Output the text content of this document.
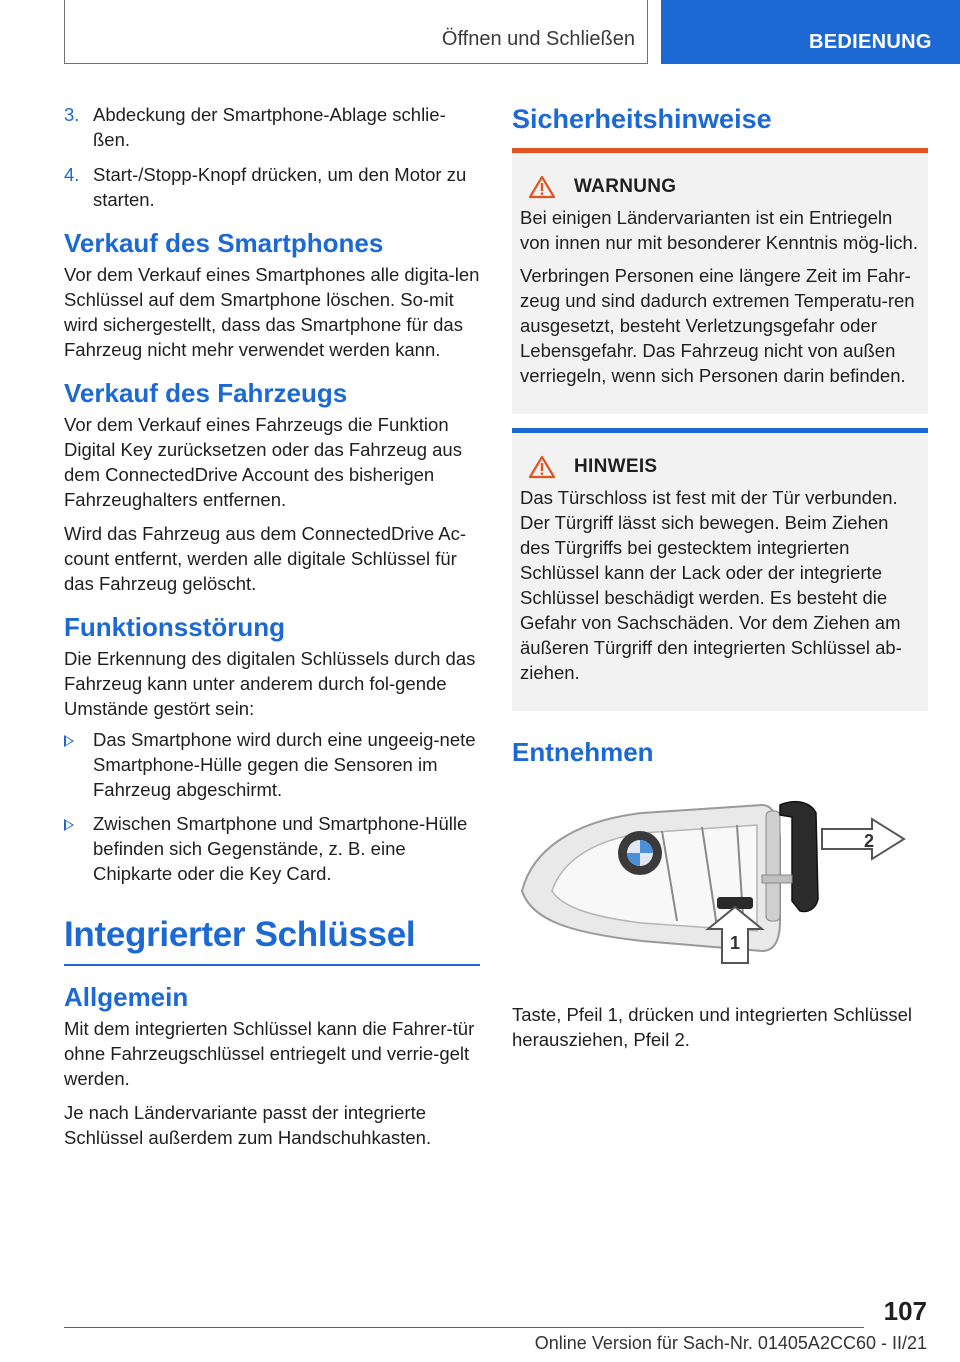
Öffnen und Schließen	BEDIENUNG
3. Abdeckung der Smartphone-Ablage schlie-ßen.
4. Start-/Stopp-Knopf drücken, um den Motor zu starten.
Verkauf des Smartphones

Vor dem Verkauf eines Smartphones alle digita-len Schlüssel auf dem Smartphone löschen. So-mit wird sichergestellt, dass das Smartphone für das Fahrzeug nicht mehr verwendet werden kann.

Verkauf des Fahrzeugs

Vor dem Verkauf eines Fahrzeugs die Funktion Digital Key zurücksetzen oder das Fahrzeug aus dem ConnectedDrive Account des bisherigen Fahrzeughalters entfernen.

Wird das Fahrzeug aus dem ConnectedDrive Ac-count entfernt, werden alle digitale Schlüssel für das Fahrzeug gelöscht.

Funktionsstörung

Die Erkennung des digitalen Schlüssels durch das Fahrzeug kann unter anderem durch fol-gende Umstände gestört sein:

Das Smartphone wird durch eine ungeeig-nete Smartphone-Hülle gegen die Sensoren im Fahrzeug abgeschirmt.
Zwischen Smartphone und Smartphone-Hülle befinden sich Gegenstände, z. B. eine Chipkarte oder die Key Card.
Integrierter Schlüssel
Allgemein

Mit dem integrierten Schlüssel kann die Fahrer-tür ohne Fahrzeugschlüssel entriegelt und verrie-gelt werden.

Je nach Ländervariante passt der integrierte Schlüssel außerdem zum Handschuhkasten.

Sicherheitshinweise
WARNUNG

Bei einigen Ländervarianten ist ein Entriegeln von innen nur mit besonderer Kenntnis mög-lich.

Verbringen Personen eine längere Zeit im Fahr-zeug und sind dadurch extremen Temperatu-ren ausgesetzt, besteht Verletzungsgefahr oder Lebensgefahr. Das Fahrzeug nicht von außen verriegeln, wenn sich Personen darin befinden.

HINWEIS

Das Türschloss ist fest mit der Tür verbunden. Der Türgriff lässt sich bewegen. Beim Ziehen des Türgriffs bei gestecktem integrierten Schlüssel kann der Lack oder der integrierte Schlüssel beschädigt werden. Es besteht die Gefahr von Sachschäden. Vor dem Ziehen am äußeren Türgriff den integrierten Schlüssel ab-ziehen.

Entnehmen
2
1

Taste, Pfeil 1, drücken und integrierten Schlüssel herausziehen, Pfeil 2.

107
Online Version für Sach-Nr. 01405A2CC60 - II/21
